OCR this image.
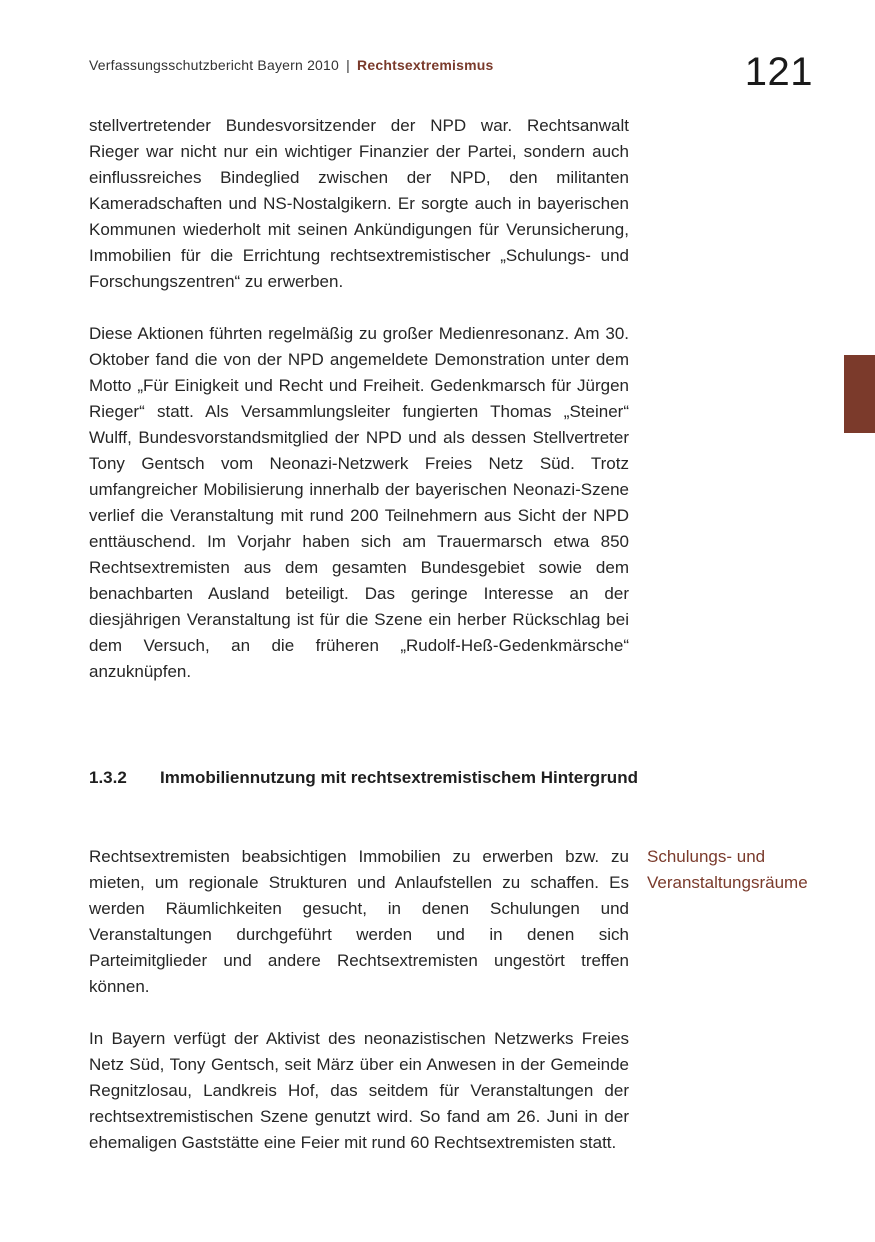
Verfassungsschutzbericht Bayern 2010 | Rechtsextremismus	121

stellvertretender Bundesvorsitzender der NPD war. Rechtsanwalt Rieger war nicht nur ein wichtiger Finanzier der Partei, sondern auch einflussreiches Bindeglied zwischen der NPD, den militanten Kameradschaften und NS-Nostalgikern. Er sorgte auch in bayerischen Kommunen wiederholt mit seinen Ankündigungen für Verunsicherung, Immobilien für die Errichtung rechtsextremistischer „Schulungs- und Forschungszentren“ zu erwerben.

Diese Aktionen führten regelmäßig zu großer Medienresonanz. Am 30. Oktober fand die von der NPD angemeldete Demonstration unter dem Motto „Für Einigkeit und Recht und Freiheit. Gedenkmarsch für Jürgen Rieger“ statt. Als Versammlungsleiter fungierten Thomas „Steiner“ Wulff, Bundesvorstandsmitglied der NPD und als dessen Stellvertreter Tony Gentsch vom Neonazi-Netzwerk Freies Netz Süd. Trotz umfangreicher Mobilisierung innerhalb der bayerischen Neonazi-Szene verlief die Veranstaltung mit rund 200 Teilnehmern aus Sicht der NPD enttäuschend. Im Vorjahr haben sich am Trauermarsch etwa 850 Rechtsextremisten aus dem gesamten Bundesgebiet sowie dem benachbarten Ausland beteiligt. Das geringe Interesse an der diesjährigen Veranstaltung ist für die Szene ein herber Rückschlag bei dem Versuch, an die früheren „Rudolf-Heß-Gedenkmärsche“ anzuknüpfen.

1.3.2 Immobiliennutzung mit rechtsextremistischem Hintergrund

Rechtsextremisten beabsichtigen Immobilien zu erwerben bzw. zu mieten, um regionale Strukturen und Anlaufstellen zu schaffen. Es werden Räumlichkeiten gesucht, in denen Schulungen und Veranstaltungen durchgeführt werden und in denen sich Parteimitglieder und andere Rechtsextremisten ungestört treffen können.

Schulungs- und Veranstaltungsräume

In Bayern verfügt der Aktivist des neonazistischen Netzwerks Freies Netz Süd, Tony Gentsch, seit März über ein Anwesen in der Gemeinde Regnitzlosau, Landkreis Hof, das seitdem für Veranstaltungen der rechtsextremistischen Szene genutzt wird. So fand am 26. Juni in der ehemaligen Gaststätte eine Feier mit rund 60 Rechtsextremisten statt.
